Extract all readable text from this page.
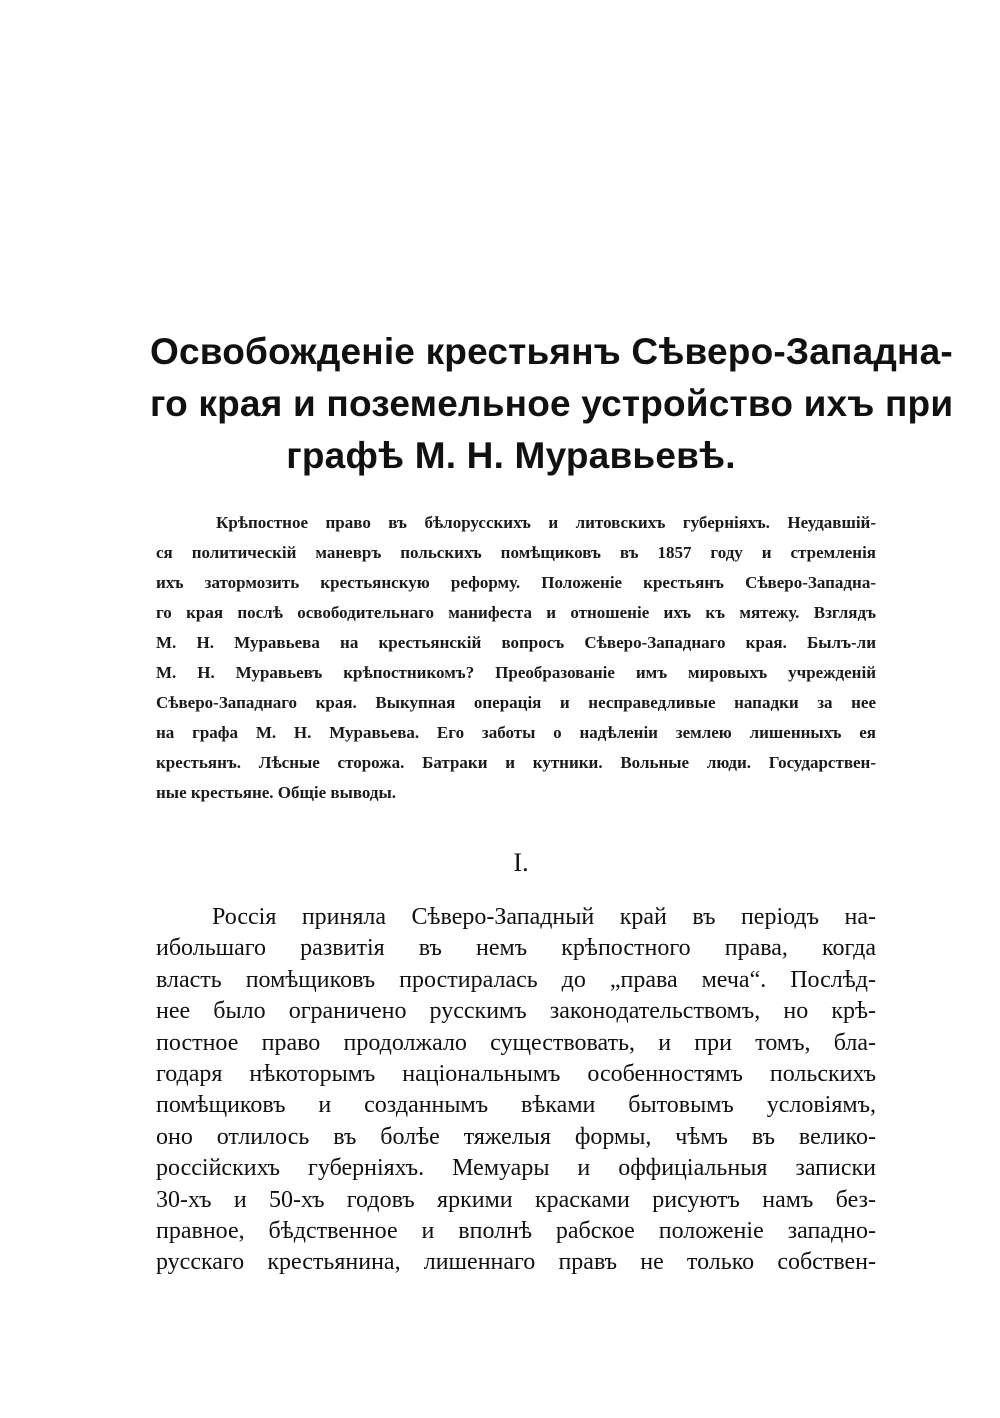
Освобожденіе крестьянъ Сѣверо-Западна-
го края и поземельное устройство ихъ при
графѣ М. Н. Муравьевѣ.
Крѣпостное право въ бѣлорусскихъ и литовскихъ губерніяхъ. Неудавшій-
ся политическій маневръ польскихъ помѣщиковъ въ 1857 году и стремленія
ихъ затормозить крестьянскую реформу. Положеніе крестьянъ Сѣверо-Западна-
го края послѣ освободительнаго манифеста и отношеніе ихъ къ мятежу. Взглядъ
М. Н. Муравьева на крестьянскій вопросъ Сѣверо-Западнаго края. Былъ-ли
М. Н. Муравьевъ крѣпостникомъ? Преобразованіе имъ мировыхъ учрежденій
Сѣверо-Западнаго края. Выкупная операція и несправедливые нападки за нее
на графа М. Н. Муравьева. Его заботы о надѣленіи землею лишенныхъ ея
крестьянъ. Лѣсные сторожа. Батраки и кутники. Вольные люди. Государствен-
ные крестьяне. Общіе выводы.
I.
Россія приняла Сѣверо-Западный край въ періодъ на-
ибольшаго развитія въ немъ крѣпостного права, когда
власть помѣщиковъ простиралась до „права меча“. Послѣд-
нее было ограничено русскимъ законодательствомъ, но крѣ-
постное право продолжало существовать, и при томъ, бла-
годаря нѣкоторымъ національнымъ особенностямъ польскихъ
помѣщиковъ и созданнымъ вѣками бытовымъ условіямъ,
оно отлилось въ болѣе тяжелыя формы, чѣмъ въ велико-
россійскихъ губерніяхъ. Мемуары и оффиціальныя записки
30-хъ и 50-хъ годовъ яркими красками рисуютъ намъ без-
правное, бѣдственное и вполнѣ рабское положеніе западно-
русскаго крестьянина, лишеннаго правъ не только собствен-
